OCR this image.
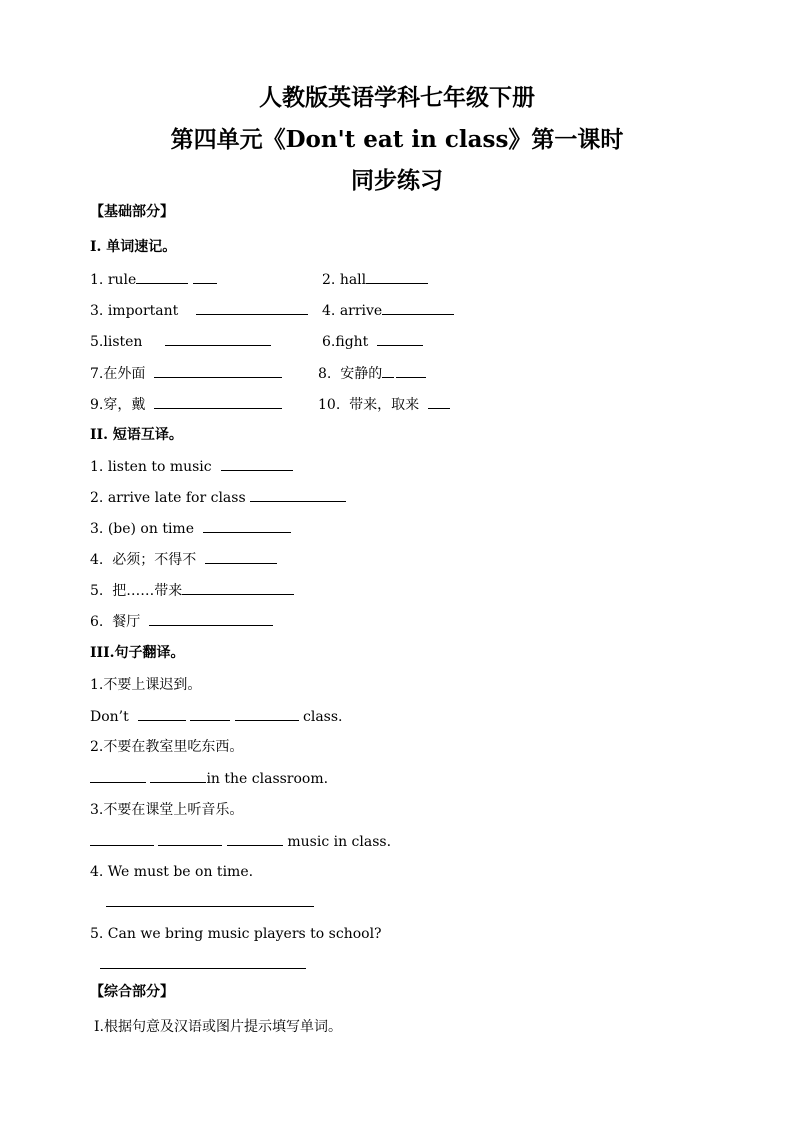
人教版英语学科七年级下册
第四单元《Don't eat in class》第一课时
同步练习
【基础部分】
I. 单词速记。
1. rule	2. hall
3. important	4. arrive
5.listen	6.fight
7.在外面	8. 安静的
9.穿，戴	10. 带来，取来
II. 短语互译。
1. listen to music
2. arrive late for class
3. (be) on time
4. 必须；不得不
5. 把……带来
6. 餐厅
III.句子翻译。
1.不要上课迟到。
Don’t	class.
2.不要在教室里吃东西。
in the classroom.
3.不要在课堂上听音乐。
music in class.
4. We must be on time.
5. Can we bring music players to school?
【综合部分】
Ⅰ.根据句意及汉语或图片提示填写单词。
